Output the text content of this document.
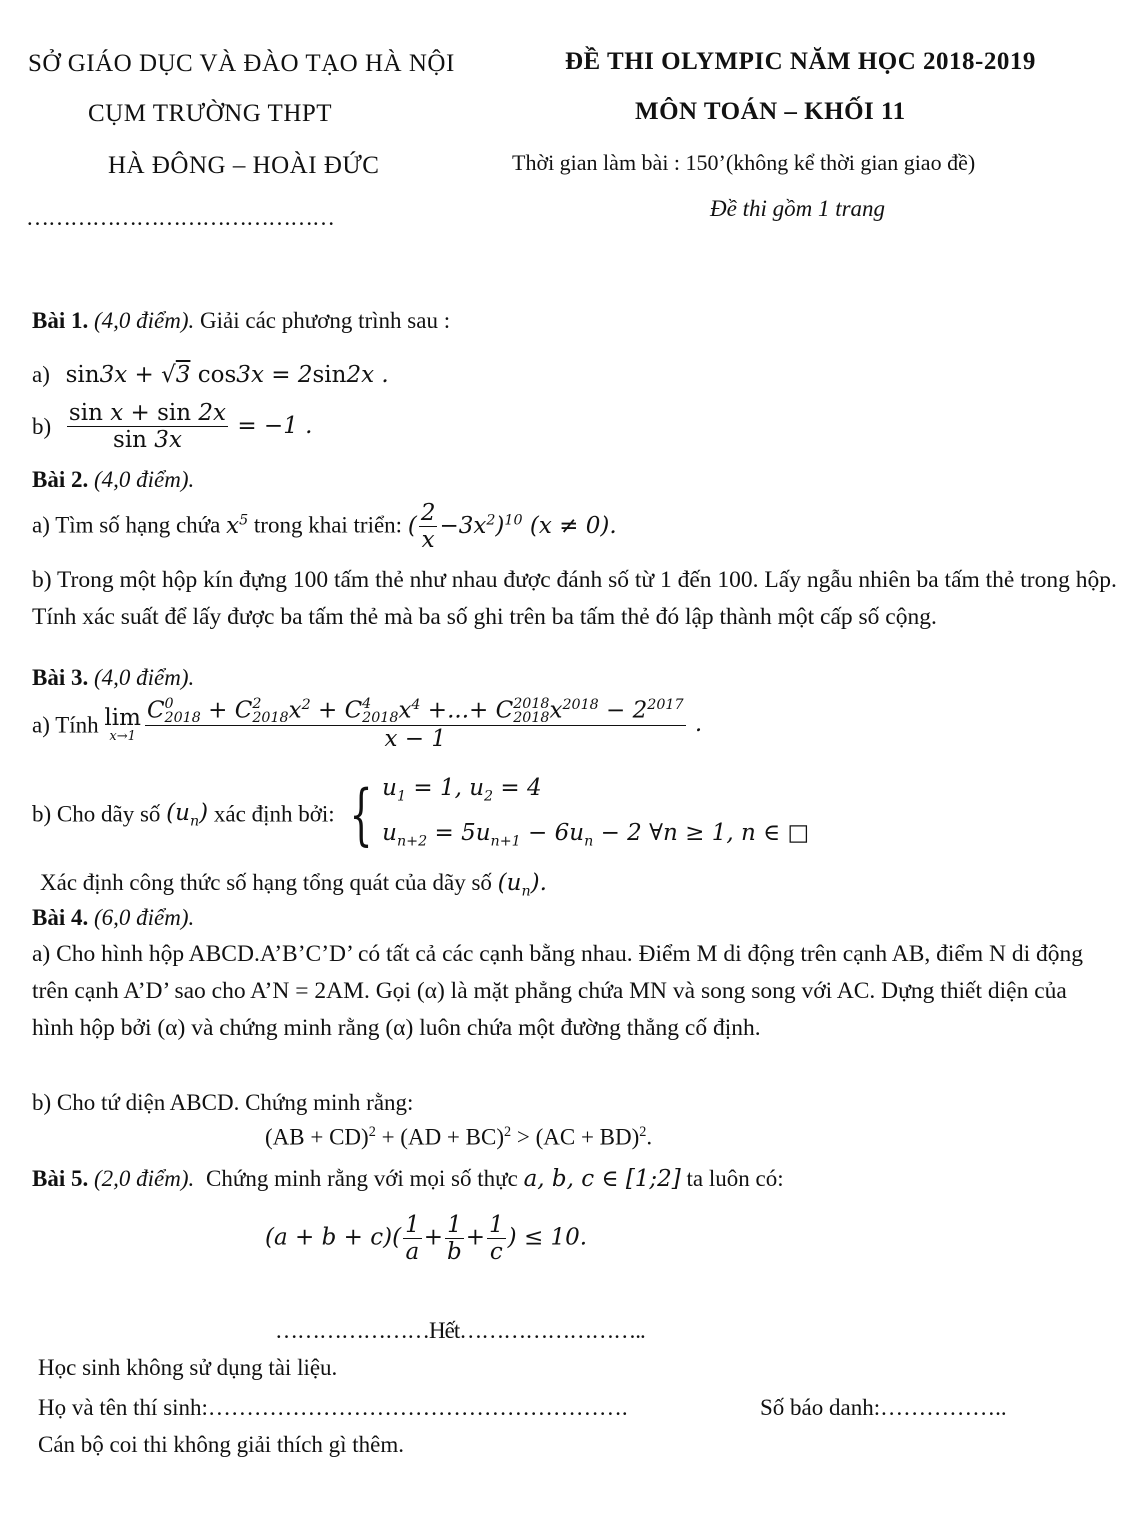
SỞ GIÁO DỤC VÀ ĐÀO TẠO HÀ NỘI
CỤM TRƯỜNG THPT
HÀ ĐÔNG – HOÀI ĐỨC
……………………………………
ĐỀ THI OLYMPIC NĂM HỌC 2018-2019
MÔN TOÁN – KHỐI 11
Thời gian làm bài : 150’(không kể thời gian giao đề)
Đề thi gồm 1 trang
Bài 1. (4,0 điểm). Giải các phương trình sau :
a) sin3x + √3 cos3x = 2sin2x .
$b) \frac{\text{sin x + sin 2x}}{\sin 3x} = -1$ .
Bài 2. (4,0 điểm).
a) Tìm số hạng chứa $x^5$ trong khai triển: ( $\frac{2}{x} -3x^2)^{10}$ (x ≠ 0).
b) Trong một hộp kín đựng 100 tấm thẻ như nhau được đánh số từ 1 đến 100. Lấy ngẫu nhiên ba tấm thẻ trong hộp. Tính xác suất để lấy được ba tấm thẻ mà ba số ghi trên ba tấm thẻ đó lập thành một cấp số cộng.
Bài 3. (4,0 điểm).
a) Tính lim
x→1
C0
2018 + C2
$2018x^2 + C4$
$2018x^4$ +...+ C2018
$2018x^{2018} - 2^{2017}$
x − 1
.
b) Cho dãy số $(u_n)$ xác định bởi: { $u_1 = 1$, $u_2 = 4$
$u_{n+2} = 5u_{n+1} - 6u_n - 2$ ∀n ≥ 1, n ∈ □
Xác định công thức số hạng tổng quát của dãy số $(u_n)$.
Bài 4. (6,0 điểm).
a) Cho hình hộp ABCD.A’B’C’D’ có tất cả các cạnh bằng nhau. Điểm M di động trên cạnh AB, điểm N di động trên cạnh A’D’ sao cho A’N = 2AM. Gọi (α) là mặt phẳng chứa MN và song song với AC. Dựng thiết diện của hình hộp bởi (α) và chứng minh rằng (α) luôn chứa một đường thẳng cố định.
b) Cho tứ diện ABCD. Chứng minh rằng:
(AB + CD)$^2$ + (AD + BC)$^2$ > (AC + BD)$^2$.
Bài 5. (2,0 điểm). Chứng minh rằng với mọi số thực a, b, c ∈ [1;2] ta luôn có:
$(a + b + c)( \frac{1}{a} + \frac{1}{b} + \frac{1}{c}$ ) ≤ 10.
…………………Hết……………………..
Học sinh không sử dụng tài liệu.
Họ và tên thí sinh:……………………………………………….	Số báo danh:……………..
Cán bộ coi thi không giải thích gì thêm.
